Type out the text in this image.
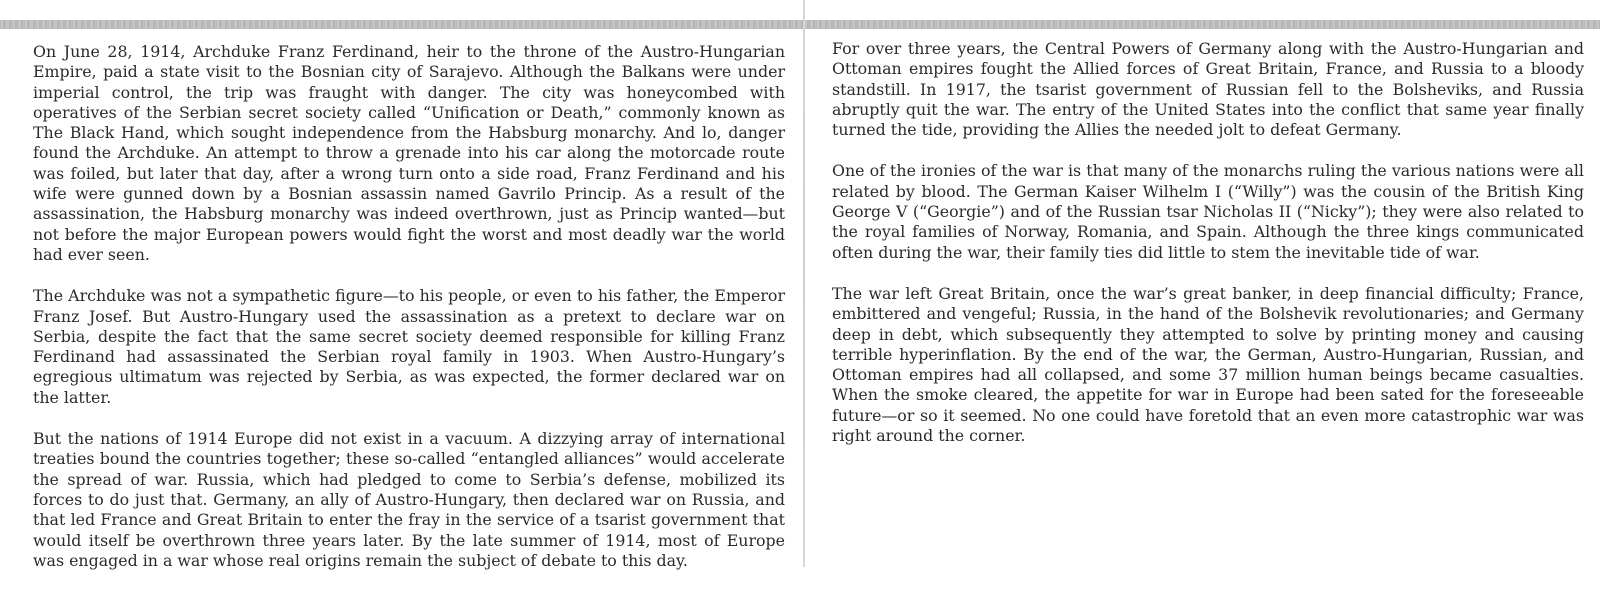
On June 28, 1914, Archduke Franz Ferdinand, heir to the throne of the Austro-Hungarian Empire, paid a state visit to the Bosnian city of Sarajevo. Although the Balkans were under imperial control, the trip was fraught with danger. The city was honeycombed with operatives of the Serbian secret society called “Unification or Death,” commonly known as The Black Hand, which sought independence from the Habsburg monarchy. And lo, danger found the Archduke. An attempt to throw a grenade into his car along the motorcade route was foiled, but later that day, after a wrong turn onto a side road, Franz Ferdinand and his wife were gunned down by a Bosnian assassin named Gavrilo Princip. As a result of the assassination, the Habsburg monarchy was indeed overthrown, just as Princip wanted—but not before the major European powers would fight the worst and most deadly war the world had ever seen.

The Archduke was not a sympathetic figure—to his people, or even to his father, the Emperor Franz Josef. But Austro-Hungary used the assassination as a pretext to declare war on Serbia, despite the fact that the same secret society deemed responsible for killing Franz Ferdinand had assassinated the Serbian royal family in 1903. When Austro-Hungary’s egregious ultimatum was rejected by Serbia, as was expected, the former declared war on the latter.

But the nations of 1914 Europe did not exist in a vacuum. A dizzying array of international treaties bound the countries together; these so-called “entangled alliances” would accelerate the spread of war. Russia, which had pledged to come to Serbia’s defense, mobilized its forces to do just that. Germany, an ally of Austro-Hungary, then declared war on Russia, and that led France and Great Britain to enter the fray in the service of a tsarist government that would itself be overthrown three years later. By the late summer of 1914, most of Europe was engaged in a war whose real origins remain the subject of debate to this day.

For over three years, the Central Powers of Germany along with the Austro-Hungarian and Ottoman empires fought the Allied forces of Great Britain, France, and Russia to a bloody standstill. In 1917, the tsarist government of Russian fell to the Bolsheviks, and Russia abruptly quit the war. The entry of the United States into the conflict that same year finally turned the tide, providing the Allies the needed jolt to defeat Germany.

One of the ironies of the war is that many of the monarchs ruling the various nations were all related by blood. The German Kaiser Wilhelm I (“Willy”) was the cousin of the British King George V (“Georgie”) and of the Russian tsar Nicholas II (“Nicky”); they were also related to the royal families of Norway, Romania, and Spain. Although the three kings communicated often during the war, their family ties did little to stem the inevitable tide of war.

The war left Great Britain, once the war’s great banker, in deep financial difficulty; France, embittered and vengeful; Russia, in the hand of the Bolshevik revolutionaries; and Germany deep in debt, which subsequently they attempted to solve by printing money and causing terrible hyperinflation. By the end of the war, the German, Austro-Hungarian, Russian, and Ottoman empires had all collapsed, and some 37 million human beings became casualties. When the smoke cleared, the appetite for war in Europe had been sated for the foreseeable future—or so it seemed. No one could have foretold that an even more catastrophic war was right around the corner.
